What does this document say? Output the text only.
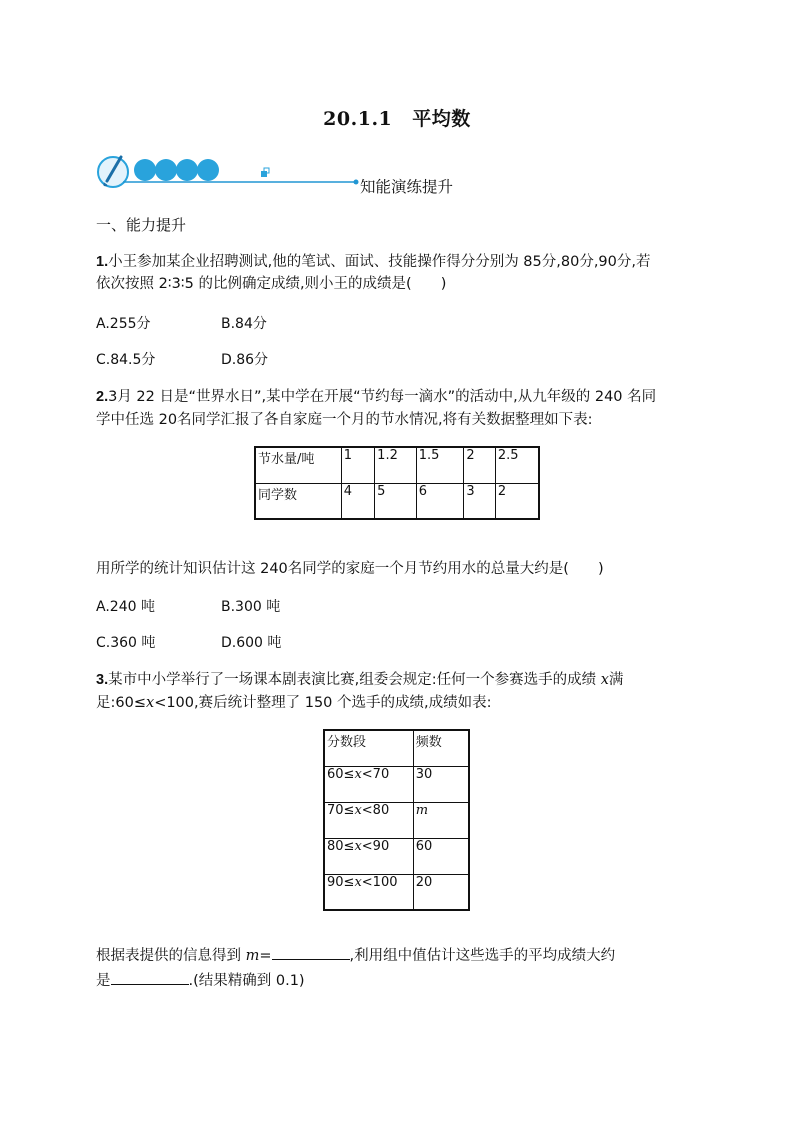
20.1.1 平均数
知能演练提升
一、能力提升
1.小王参加某企业招聘测试,他的笔试、面试、技能操作得分分别为 85分,80分,90分,若
依次按照 2∶3∶5 的比例确定成绩,则小王的成绩是(　　)
A.255分	B.84分
C.84.5分	D.86分
2.3月 22 日是“世界水日”,某中学在开展“节约每一滴水”的活动中,从九年级的 240 名同
学中任选 20名同学汇报了各自家庭一个月的节水情况,将有关数据整理如下表:
节水量/吨	1	1.2	1.5	2	2.5
同学数	4	5	6	3	2
用所学的统计知识估计这 240名同学的家庭一个月节约用水的总量大约是(　　)
A.240 吨	B.300 吨
C.360 吨	D.600 吨
3.某市中小学举行了一场课本剧表演比赛,组委会规定:任何一个参赛选手的成绩 x满
足:60≤x<100,赛后统计整理了 150 个选手的成绩,成绩如表:
分数段	频数
60≤x<70	30
70≤x<80	m
80≤x<90	60
90≤x<100	20
根据表提供的信息得到 m=	,利用组中值估计这些选手的平均成绩大约
是	.(结果精确到 0.1)
